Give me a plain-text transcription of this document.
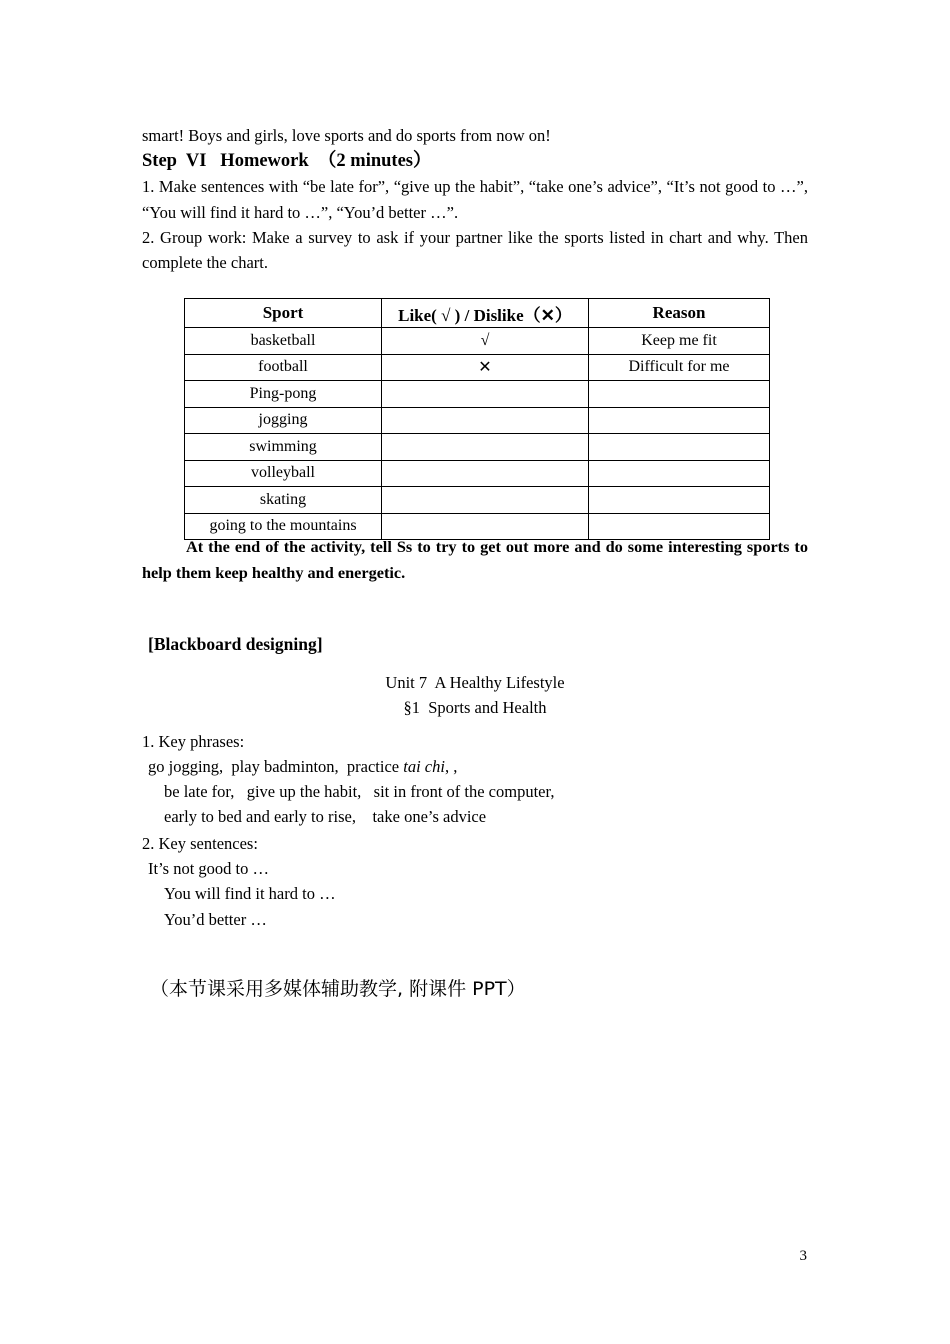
smart! Boys and girls, love sports and do sports from now on!

Step  VI   Homework  （2 minutes）

1. Make sentences with “be late for”, “give up the habit”, “take one’s advice”, “It’s not good to …”, “You will find it hard to …”, “You’d better …”.

2. Group work: Make a survey to ask if your partner like the sports listed in chart and why. Then complete the chart.

Sport	Like( √ ) / Dislike（✕）	Reason
basketball	√	Keep me fit
football	✕	Difficult for me
Ping-pong		
jogging		
swimming		
volleyball		
skating		
going to the mountains		

At the end of the activity, tell Ss to try to get out more and do some interesting sports to help them keep healthy and energetic.

[Blackboard designing]

Unit 7  A Healthy Lifestyle

§1  Sports and Health

1. Key phrases:

go jogging,  play badminton,  practice tai chi, ,

be late for,   give up the habit,   sit in front of the computer,

early to bed and early to rise,    take one’s advice

2. Key sentences:

It’s not good to …

You will find it hard to …

You’d better …

（本节课采用多媒体辅助教学, 附课件 PPT）

3
